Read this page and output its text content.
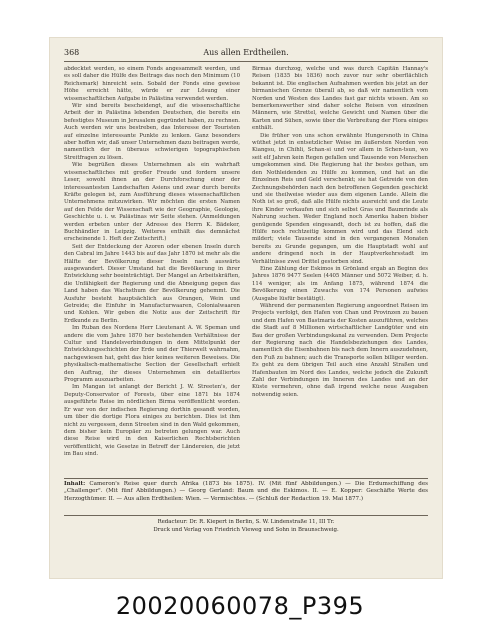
368	Aus allen Erdtheilen.

abdecktet werden, so einem Fonds angesammelt werden, und es soll daher die Hülfe des Beitrags das noch den Minimum (10 Reichsmark) hinreicht sein. Sobald der Fonds eine gewisse Höhe erreicht hätte, würde er zur Lösung einer wissenschaftlichen Aufgabe in Palästina verwendet werden.

Wir sind bereits bescheidengt, auf die wissenschaftliche Arbeit der in Palästina lebenden Deutschen, die bereits ein befestigtes Museum in Jerusalem gegründet haben, zu rechnen. Auch werden wir uns bestreben, das Interesse der Touristen auf einzelne interessante Punkte zu lenken. Ganz besonders aber hoffen wir, daß unser Unternehmen dazu beitragen werde, namentlich der in überaus schwierigen topographischen Streitfragen zu lösen.

Wie begrüßen dieses Unternehmen als ein wahrhaft wissenschaftliches mit großer Freude und fordern unsere Leser, sowohl ihnen an der Durchforschung einer der interessantesten Landschaften Asiens und zwar durch bereits Kräfte gelegen ist, zum Ausführung dieses wissenschaftlichen Unternehmens mitzuwirken. Wir möchten die ersten Namen auf den Felde der Wissenschaft wie der Geographie, Geologie, Geschichte u. i. w. Palästinas wir Seite stehen. (Anmeldungen werden erbeten unter der Adresse des Herrn K. Bädeker, Buchhändler in Leipzig. Weiteres enthält das demnächst erscheinende 1. Heft der Zeitschrift.)

Seit der Entdeckung der Azoren oder ebenen Inseln durch den Cabral im Jahre 1443 bis auf das Jahr 1870 ist mehr als die Hälfte der Bevölkerung dieser Inseln nach auswärts ausgewandert. Dieser Umstand hat die Bevölkerung in ihrer Entwicklung sehr beeinträchtigt. Der Mangel an Arbeitskräften, die Unfähigkeit der Regierung und die Abneigung gegen das Land haben das Wachsthum der Bevölkerung gehemmt. Die Ausfuhr besteht hauptsächlich aus Orangen, Wein und Getreide; die Einfuhr in Manufacturwaaren, Colonialwaaren und Kohlen. Wir geben die Notiz aus der Zeitschrift für Erdkunde zu Berlin.

Im Ruban des Nordens Herr Lieutenant A. W. Speman und andere die vom Jahre 1870 her bestehenden Verhältnisse der Cultur und Handelsverbindungen in dem Mittelpunkt der Entwicklungsschichten der Erde und der Thierwelt wahrnahm, nachgewiesen hat, geht das hier keines weiteren Beweises. Die physikalisch-mathematische Section der Gesellschaft erhielt den Auftrag, ihr dieses Unternehmen ein detailliertes Programm auszuarbeiten.

Im Mangan ist anlangt der Bericht J. W. Streeten's, der Deputy-Conservator of Forests, über eine 1871 bis 1874 ausgeführte Reise im nördlichen Birma veröffentlicht worden. Er war von der indischen Regierung dorthin gesandt worden, um über die dortige Flora einiges zu berichten. Dies ist ihm nicht zu vergessen, denn Streeten sind in den Wald gekommen, dem bisher kein Europäer zu betreten gelungen war. Auch diese Reise wird in den Kaiserlichen Rechtsberichten veröffentlicht, wie Gesetze in Betreff der Ländereien, die jetzt im Bau sind.

Birmas durchzog, welche und was durch Capitän Hannay's Reisen (1835 bis 1836) noch zuvor nur sehr oberflächlich bekannt ist. Die englischen Aufnahmen werden bis jetzt an der birmanischen Grenze überall ab, so daß wir namentlich vom Norden und Westen des Landes fast gar nichts wissen. Am so bemerkenswerther sind daher solche Reisen von einzelnen Männern, wie Strettel, welche Gewicht und Namen über die Karten und Sühen, sowie über die Verbreitung der Flora einiges enthält.

Die früher von uns schon erwähnte Hungersnoth in China wüthet jetzt in entsetzlicher Weise im äußersten Norden von Kiangsu, in Chihli, Schan-si und vor allem in Schen-tsun, wo seit elf Jahren kein Regen gefallen und Tausende von Menschen umgekommen sind. Die Regierung hat ihr bestes gethan, um den Nothleidenden zu Hülfe zu kommen, und hat an die Einzelnen Reis und Geld verschenkt; sie hat Getreide von den Zechnungsbehörden nach den betroffenen Gegenden geschickt und sie theilweise wieder aus dem eigenen Lande. Allein die Noth ist so groß, daß alle Hülfe nichts ausreicht und die Leute ihre Kinder verkaufen und sich selbst Gras und Baumrinde als Nahrung suchen. Weder England noch Amerika haben bisher genügende Spenden eingesandt, doch ist zu hoffen, daß die Hülfe noch rechtzeitig kommen wird und das Elend sich mildert; viele Tausende sind in den vergangenen Monaten bereits zu Grunde gegangen, um die Hauptstadt wohl auf andere dringend noch in der Hauptverkehrsstadt im Verhältnisse zwei Drittel gestorben sind.

Eine Zählung der Eskimos in Grönland ergab an Beginn des Jahres 1876 9477 Seelen (4405 Männer und 5072 Weiber, d. h. 114 weniger, als im Anfang 1875, während 1874 die Bevölkerung einen Zuwachs von 174 Personen aufwies (Ausgabe lüsfür bestätigt).

Während der permanenten Regierung angeordnet Reisen im Projects verfolgt, den Hafen von Chan und Provinzen zu bauen und dem Hafen von Bastmaria der Kosten auszuführen, welches die Stadt auf 8 Millionen wirtschaftlicher Landgüter und ein Bau der großen Verbindungskanal zu verwenden. Dem Projecte der Regierung nach die Handelsbeziehungen des Landes, namentlich die Eisenbahnen bis nach dem Innern auszudehnen, den Fuß zu bahnen; auch die Transporte sollen billiger werden. Es geht zu dem übrigen Teil auch eine Anzahl Straßen und Hafenbauten im Nord des Landes, welche jedoch die Zukunft Zahl der Verbindungen im Inneren des Landes und an der Küste vermehren, ohne daß irgend welche neue Ausgaben notwendig seien.

Inhalt: Cameron's Reise quer durch Afrika (1873 bis 1875). IV. (Mit fünf Abbildungen.) — Die Erdumschiffung des „Challenger". (Mit fünf Abbildungen.) — Georg Gerland: Baum und die Eskimos. II. — E. Kopper: Geschäfte Werte des Herzogthümer. II. — Aus allen Erdtheilen: Wien. — Vermischtes. — (Schluß der Redaction 19. Mai 1877.)
Redacteur: Dr. R. Kiepert in Berlin, S. W. Lindenstraße 11, III Tr.
Druck und Verlag von Friedrich Vieweg und Sohn in Braunschweig.
20020060078_P395
